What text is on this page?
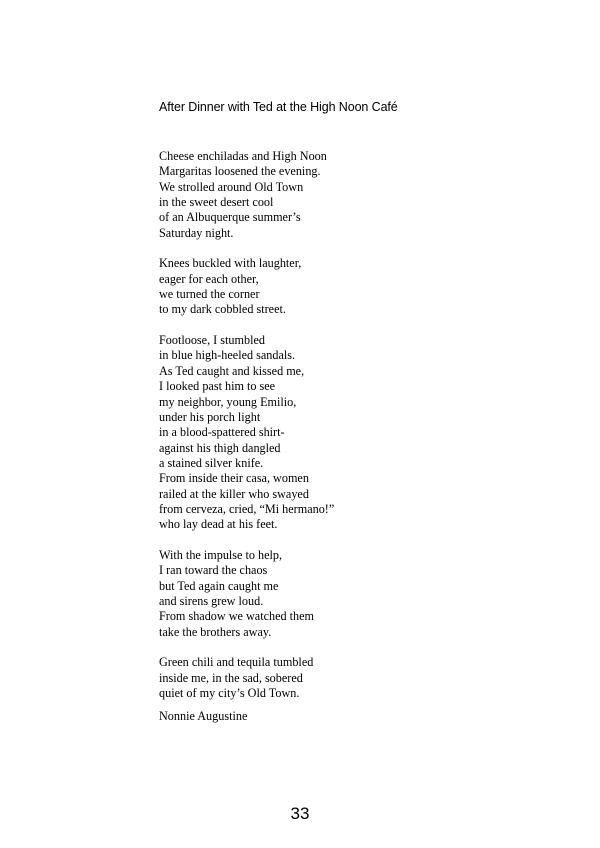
After Dinner with Ted at the High Noon Café
Cheese enchiladas and High Noon
Margaritas loosened the evening.
We strolled around Old Town
in the sweet desert cool
of an Albuquerque summer’s
Saturday night.
Knees buckled with laughter,
eager for each other,
we turned the corner
to my dark cobbled street.
Footloose, I stumbled
in blue high-heeled sandals.
As Ted caught and kissed me,
I looked past him to see
my neighbor, young Emilio,
under his porch light
in a blood-spattered shirt-
against his thigh dangled
a stained silver knife.
From inside their casa, women
railed at the killer who swayed
from cerveza, cried, “Mi hermano!”
who lay dead at his feet.
With the impulse to help,
I ran toward the chaos
but Ted again caught me
and sirens grew loud.
From shadow we watched them
take the brothers away.
Green chili and tequila tumbled
inside me, in the sad, sobered
quiet of my city’s Old Town.
Nonnie Augustine
33
